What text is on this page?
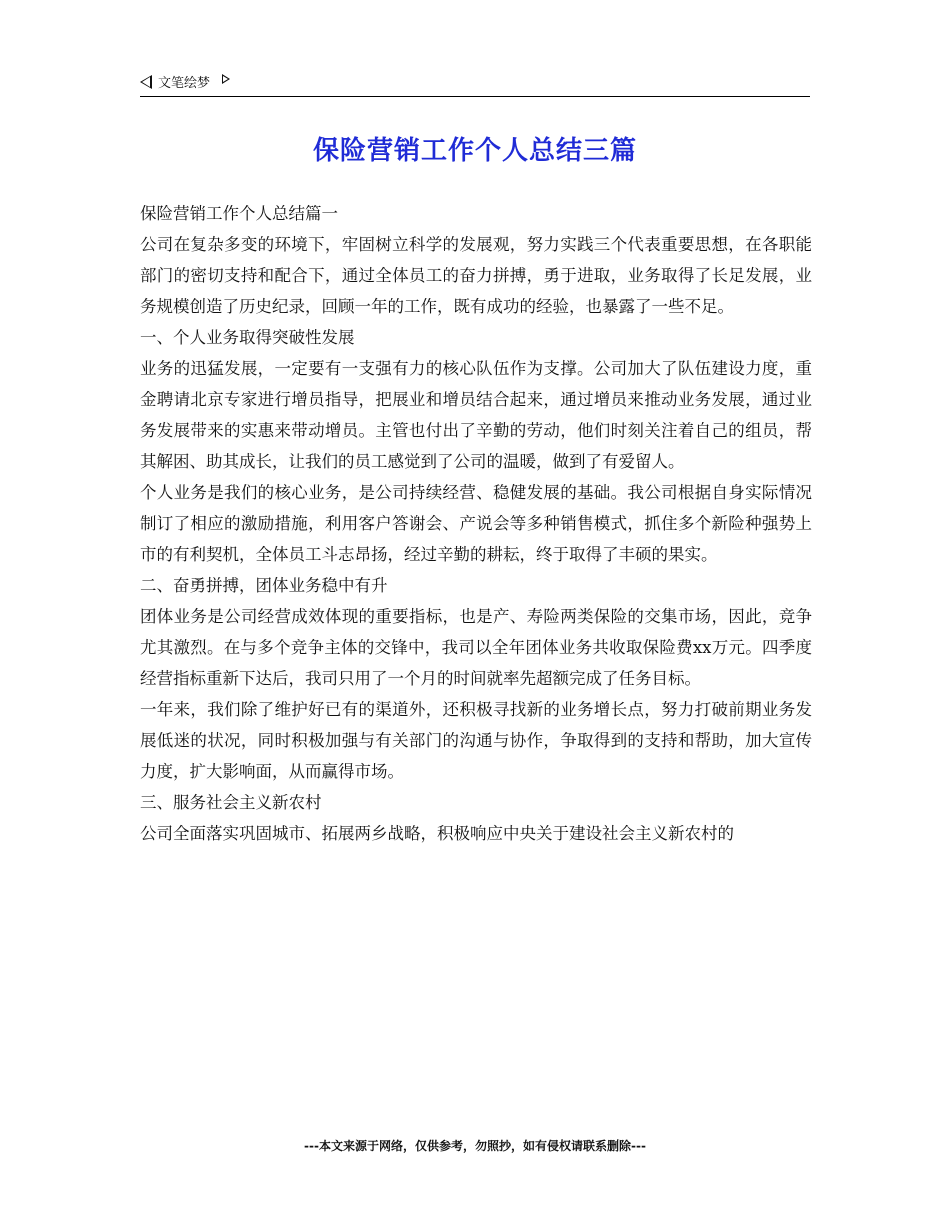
文笔绘梦
保险营销工作个人总结三篇

保险营销工作个人总结篇一

公司在复杂多变的环境下，牢固树立科学的发展观，努力实践三个代表重要思想，在各职能部门的密切支持和配合下，通过全体员工的奋力拼搏，勇于进取，业务取得了长足发展，业务规模创造了历史纪录，回顾一年的工作，既有成功的经验，也暴露了一些不足。

一、个人业务取得突破性发展

业务的迅猛发展，一定要有一支强有力的核心队伍作为支撑。公司加大了队伍建设力度，重金聘请北京专家进行增员指导，把展业和增员结合起来，通过增员来推动业务发展，通过业务发展带来的实惠来带动增员。主管也付出了辛勤的劳动，他们时刻关注着自己的组员，帮其解困、助其成长，让我们的员工感觉到了公司的温暖，做到了有爱留人。

个人业务是我们的核心业务，是公司持续经营、稳健发展的基础。我公司根据自身实际情况制订了相应的激励措施，利用客户答谢会、产说会等多种销售模式，抓住多个新险种强势上市的有利契机，全体员工斗志昂扬，经过辛勤的耕耘，终于取得了丰硕的果实。

二、奋勇拼搏，团体业务稳中有升

团体业务是公司经营成效体现的重要指标，也是产、寿险两类保险的交集市场，因此，竞争尤其激烈。在与多个竞争主体的交锋中，我司以全年团体业务共收取保险费xx万元。四季度经营指标重新下达后，我司只用了一个月的时间就率先超额完成了任务目标。

一年来，我们除了维护好已有的渠道外，还积极寻找新的业务增长点，努力打破前期业务发展低迷的状况，同时积极加强与有关部门的沟通与协作，争取得到的支持和帮助，加大宣传力度，扩大影响面，从而赢得市场。

三、服务社会主义新农村

公司全面落实巩固城市、拓展两乡战略，积极响应中央关于建设社会主义新农村的

---本文来源于网络，仅供参考，勿照抄，如有侵权请联系删除---
